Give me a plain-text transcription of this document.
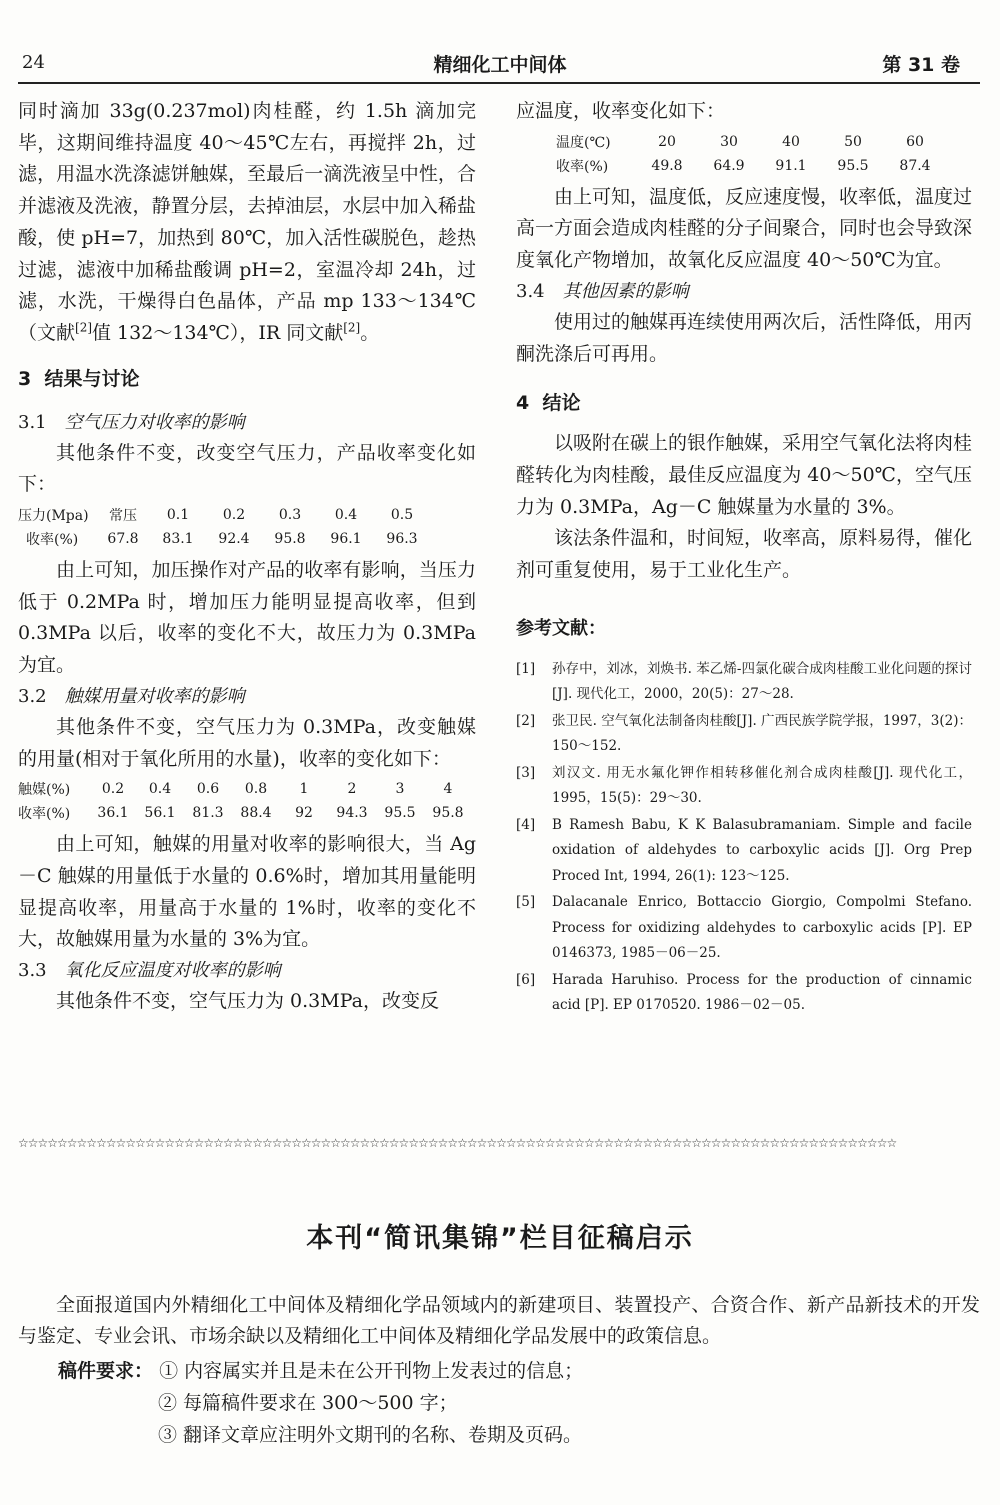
24	精细化工中间体	第 31 卷

同时滴加 33g(0.237mol)肉桂醛，约 1.5h 滴加完毕，这期间维持温度 40～45℃左右，再搅拌 2h，过滤，用温水洗涤滤饼触媒，至最后一滴洗液呈中性，合并滤液及洗液，静置分层，去掉油层，水层中加入稀盐酸，使 pH=7，加热到 80℃，加入活性碳脱色，趁热过滤，滤液中加稀盐酸调 pH=2，室温冷却 24h，过滤，水洗，干燥得白色晶体，产品 mp 133～134℃（文献[2]值 132～134℃），IR 同文献[2]。

3 结果与讨论
3.1 空气压力对收率的影响

其他条件不变，改变空气压力，产品收率变化如下：

压力(Mpa)	常压	0.1	0.2	0.3	0.4	0.5
收率(%)	67.8	83.1	92.4	95.8	96.1	96.3

由上可知，加压操作对产品的收率有影响，当压力低于 0.2MPa 时，增加压力能明显提高收率，但到 0.3MPa 以后，收率的变化不大，故压力为 0.3MPa 为宜。

3.2 触媒用量对收率的影响

其他条件不变，空气压力为 0.3MPa，改变触媒的用量(相对于氧化所用的水量)，收率的变化如下：

触媒(%)	0.2	0.4	0.6	0.8	1	2	3	4
收率(%)	36.1	56.1	81.3	88.4	92	94.3	95.5	95.8

由上可知，触媒的用量对收率的影响很大，当 Ag－C 触媒的用量低于水量的 0.6%时，增加其用量能明显提高收率，用量高于水量的 1%时，收率的变化不大，故触媒用量为水量的 3%为宜。

3.3 氧化反应温度对收率的影响

其他条件不变，空气压力为 0.3MPa，改变反

应温度，收率变化如下：

温度(℃)	20	30	40	50	60
收率(%)	49.8	64.9	91.1	95.5	87.4

由上可知，温度低，反应速度慢，收率低，温度过高一方面会造成肉桂醛的分子间聚合，同时也会导致深度氧化产物增加，故氧化反应温度 40～50℃为宜。

3.4 其他因素的影响

使用过的触媒再连续使用两次后，活性降低，用丙酮洗涤后可再用。

4 结论

以吸附在碳上的银作触媒，采用空气氧化法将肉桂醛转化为肉桂酸，最佳反应温度为 40～50℃，空气压力为 0.3MPa，Ag－C 触媒量为水量的 3%。

该法条件温和，时间短，收率高，原料易得，催化剂可重复使用，易于工业化生产。

参考文献：
[1] 孙存中，刘冰，刘焕书. 苯乙烯-四氯化碳合成肉桂酸工业化问题的探讨[J]. 现代化工，2000，20(5)：27～28.
[2] 张卫民. 空气氧化法制备肉桂酸[J]. 广西民族学院学报，1997，3(2)：150～152.
[3] 刘汉文. 用无水氟化钾作相转移催化剂合成肉桂酸[J]. 现代化工，1995，15(5)：29～30.
[4] B Ramesh Babu, K K Balasubramaniam. Simple and facile oxidation of aldehydes to carboxylic acids [J]. Org Prep Proced Int, 1994, 26(1): 123～125.
[5] Dalacanale Enrico, Bottaccio Giorgio, Compolmi Stefano. Process for oxidizing aldehydes to carboxylic acids [P]. EP 0146373, 1985－06－25.
[6] Harada Haruhiso. Process for the production of cinnamic acid [P]. EP 0170520. 1986－02－05.
☆☆☆☆☆☆☆☆☆☆☆☆☆☆☆☆☆☆☆☆☆☆☆☆☆☆☆☆☆☆☆☆☆☆☆☆☆☆☆☆☆☆☆☆☆☆☆☆☆☆☆☆☆☆☆☆☆☆☆☆☆☆☆☆☆☆☆☆☆☆☆☆☆☆☆☆☆☆☆☆☆☆☆☆☆☆☆☆☆☆
本刊“简讯集锦”栏目征稿启示

全面报道国内外精细化工中间体及精细化学品领域内的新建项目、装置投产、合资合作、新产品新技术的开发与鉴定、专业会讯、市场余缺以及精细化工中间体及精细化学品发展中的政策信息。

稿件要求： ① 内容属实并且是未在公开刊物上发表过的信息；
② 每篇稿件要求在 300～500 字；
③ 翻译文章应注明外文期刊的名称、卷期及页码。
